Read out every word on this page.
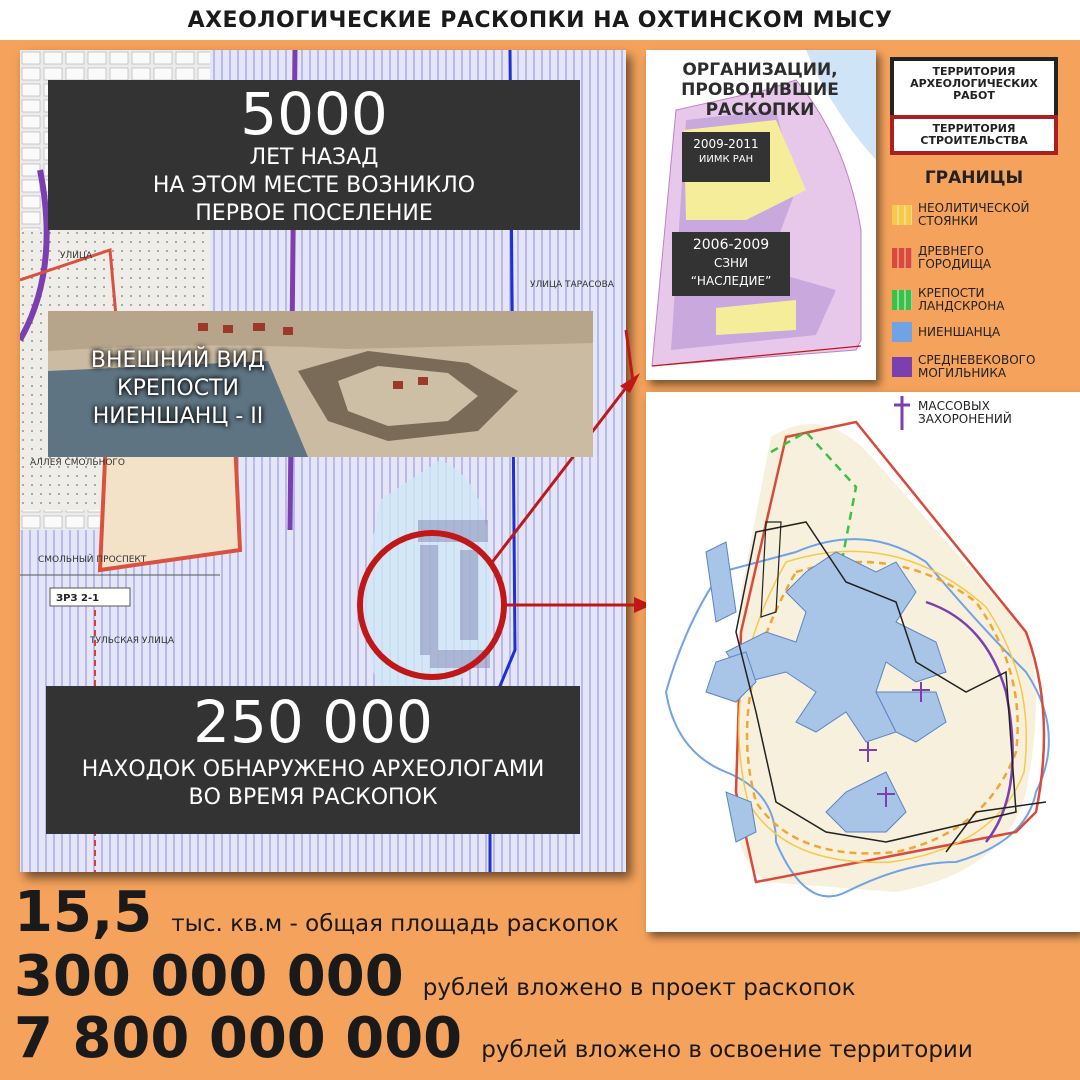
АХЕОЛОГИЧЕСКИЕ РАСКОПКИ НА ОХТИНСКОМ МЫСУ
СМОЛЬНЫЙ ПРОСПЕКТ
ЗРЗ 2-1
ТУЛЬСКАЯ УЛИЦА
АЛЛЕЯ СМОЛЬНОГО
УЛИЦА ТАРАСОВА
УЛИЦА
5000
ЛЕТ НАЗАД
НА ЭТОМ МЕСТЕ ВОЗНИКЛО
ПЕРВОЕ ПОСЕЛЕНИЕ
ВНЕШНИЙ ВИД
КРЕПОСТИ
НИЕНШАНЦ - II
250 000
НАХОДОК ОБНАРУЖЕНО АРХЕОЛОГАМИ
ВО ВРЕМЯ РАСКОПОК
ОРГАНИЗАЦИИ,
ПРОВОДИВШИЕ
РАСКОПКИ
2009-2011
ИИМК РАН
2006-2009
СЗНИ
“НАСЛЕДИЕ”
ТЕРРИТОРИЯ
АРХЕОЛОГИЧЕСКИХ
РАБОТ
ТЕРРИТОРИЯ
СТРОИТЕЛЬСТВА
ГРАНИЦЫ
НЕОЛИТИЧЕСКОЙ
СТОЯНКИ
ДРЕВНЕГО
ГОРОДИЩА
КРЕПОСТИ
ЛАНДСКРОНА
НИЕНШАНЦА
СРЕДНЕВЕКОВОГО
МОГИЛЬНИКА
МАССОВЫХ
ЗАХОРОНЕНИЙ
15,5 тыс. кв.м - общая площадь раскопок
300 000 000 рублей вложено в проект раскопок
7 800 000 000 рублей вложено в освоение территории
